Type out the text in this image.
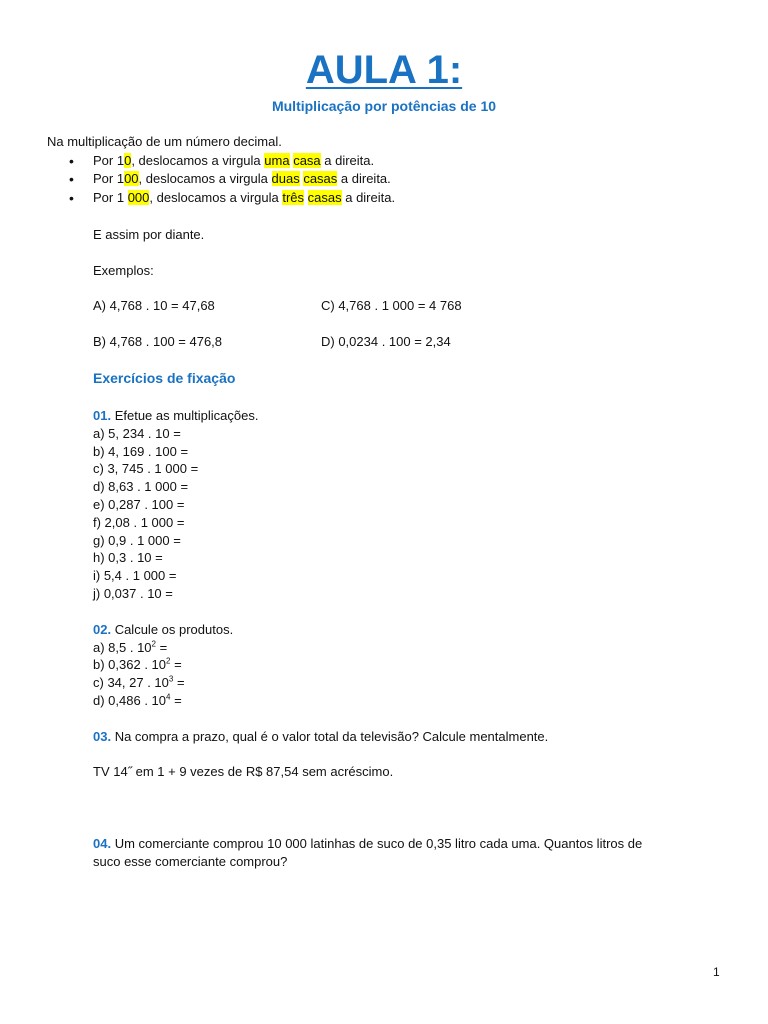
AULA 1:
Multiplicação por potências de 10
Na multiplicação de um número decimal.
• Por 10, deslocamos a virgula uma casa a direita.
• Por 100, deslocamos a virgula duas casas a direita.
• Por 1 000, deslocamos a virgula três casas a direita.
E assim por diante.
Exemplos:
A) 4,768 . 10 = 47,68	C) 4,768 . 1 000 = 4 768
B) 4,768 . 100 = 476,8	D) 0,0234 . 100 = 2,34
Exercícios de fixação
01. Efetue as multiplicações.
a) 5, 234 . 10 =
b) 4, 169 . 100 =
c) 3, 745 . 1 000 =
d) 8,63 . 1 000 =
e) 0,287 . 100 =
f) 2,08 . 1 000 =
g) 0,9 . 1 000 =
h) 0,3 . 10 =
i) 5,4 . 1 000 =
j) 0,037 . 10 =
02. Calcule os produtos.
a) 8,5 . $10^2$ =
b) 0,362 . $10^2$ =
c) 34, 27 . $10^3$ =
d) 0,486 . $10^4$ =
03. Na compra a prazo, qual é o valor total da televisão? Calcule mentalmente.
TV 14˝ em 1 + 9 vezes de R$ 87,54 sem acréscimo.
04. Um comerciante comprou 10 000 latinhas de suco de 0,35 litro cada uma. Quantos litros de
suco esse comerciante comprou?
1
